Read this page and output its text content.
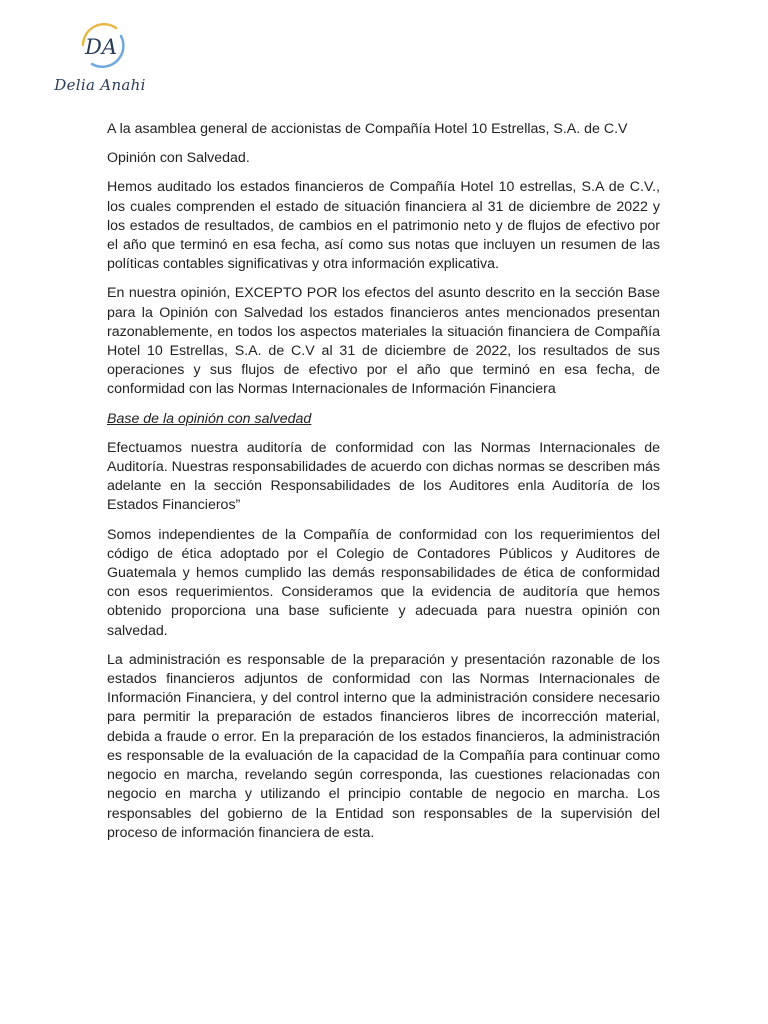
DA
Delia Anahi

A la asamblea general de accionistas de Compañía Hotel 10 Estrellas, S.A. de C.V

Opinión con Salvedad.

Hemos auditado los estados financieros de Compañía Hotel 10 estrellas, S.A de C.V., los cuales comprenden el estado de situación financiera al 31 de diciembre de 2022 y los estados de resultados, de cambios en el patrimonio neto y de flujos de efectivo por el año que terminó en esa fecha, así como sus notas que incluyen un resumen de las políticas contables significativas y otra información explicativa.

En nuestra opinión, EXCEPTO POR los efectos del asunto descrito en la sección Base para la Opinión con Salvedad los estados financieros antes mencionados presentan razonablemente, en todos los aspectos materiales la situación financiera de Compañía Hotel 10 Estrellas, S.A. de C.V al 31 de diciembre de 2022, los resultados de sus operaciones y sus flujos de efectivo por el año que terminó en esa fecha, de conformidad con las Normas Internacionales de Información Financiera

Base de la opinión con salvedad

Efectuamos nuestra auditoría de conformidad con las Normas Internacionales de Auditoría. Nuestras responsabilidades de acuerdo con dichas normas se describen más adelante en la sección Responsabilidades de los Auditores enla Auditoría de los Estados Financieros”

Somos independientes de la Compañía de conformidad con los requerimientos del código de ética adoptado por el Colegio de Contadores Públicos y Auditores de Guatemala y hemos cumplido las demás responsabilidades de ética de conformidad con esos requerimientos. Consideramos que la evidencia de auditoría que hemos obtenido proporciona una base suficiente y adecuada para nuestra opinión con salvedad.

La administración es responsable de la preparación y presentación razonable de los estados financieros adjuntos de conformidad con las Normas Internacionales de Información Financiera, y del control interno que la administración considere necesario para permitir la preparación de estados financieros libres de incorrección material, debida a fraude o error. En la preparación de los estados financieros, la administración es responsable de la evaluación de la capacidad de la Compañía para continuar como negocio en marcha, revelando según corresponda, las cuestiones relacionadas con negocio en marcha y utilizando el principio contable de negocio en marcha. Los responsables del gobierno de la Entidad son responsables de la supervisión del proceso de información financiera de esta.
